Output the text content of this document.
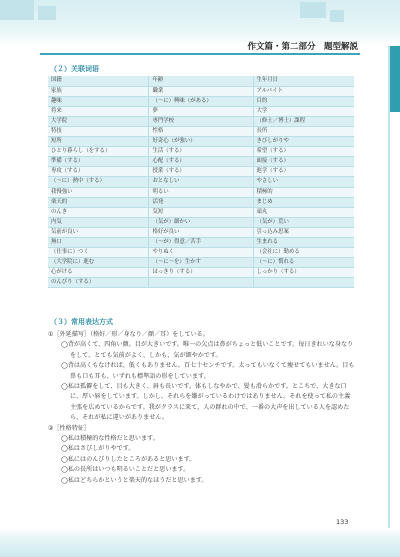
作文篇・第二部分　題型解説
（２）关联词语
国籍	年齢	生年月日
家族	職業	アルバイト
趣味	（〜に）興味（がある）	目的
将来	夢	大学
大学院	専門学校	（修士／博士）課程
特技	性格	長所
短所	好奇心（が強い）	きびしがりや
ひとり暮らし（をする）	生活（する）	希望（する）
準備（する）	心配（する）	面接（する）
専攻（する）	授業（する）	進学（する）
（〜に）熱中（する）	おとなしい	やさしい
我慢強い	明るい	積極的
楽天的	活発	まじめ
のんき	気短	頑丸
内気	（気が）細かい	（気が）荒い
気前が良い	格好が良い	引っ込み思案
無口	（〜が）得意／苦手	生まれる
（仕事に）つく	やりぬく	（会社に）勤める
（大学院に）進む	（〜に〜を）生かす	（〜に）慣れる
心がける	はっきり（する）	しっかり（する）
のんびり（する）		
（３）常用表达方式
①［外延描写］（格好／形／身なり／顔／耳）をしている。
◯背が高くて、四角い顔。目が大きいです。唯一の欠点は鼻がちょっと低いことです。毎日きれいな身なりをして、とても気前がよく、しかも、気が細やかです。
◯背は高くもなければ、低くもありません。百七十センチです。太ってもいなくて痩せてもいません。目も鼻も口も耳も、いずれも標準語の形をしています。
◯私は孤僻をして、目も大きく、唇も長いです。体もしなやかで、髪も滑らかです。とこちで、大きな口に、厚い唇をしています。しかし、それらを嫌がっているわけではありません。それを使って私の主義主張を広めているからです。我がクラスに来て、人の群れの中で、一番の大声を出している人を認めたら、それが私に違いがありません。
②［性格特征］
◯私は積極的な性格だと思います。
◯私はさびしがりやです。
◯私にはのんびりしたところがあると思います。
◯私の長所はいつも明るいことだと思います。
◯私はどちらかというと楽天的なほうだと思います。
133
